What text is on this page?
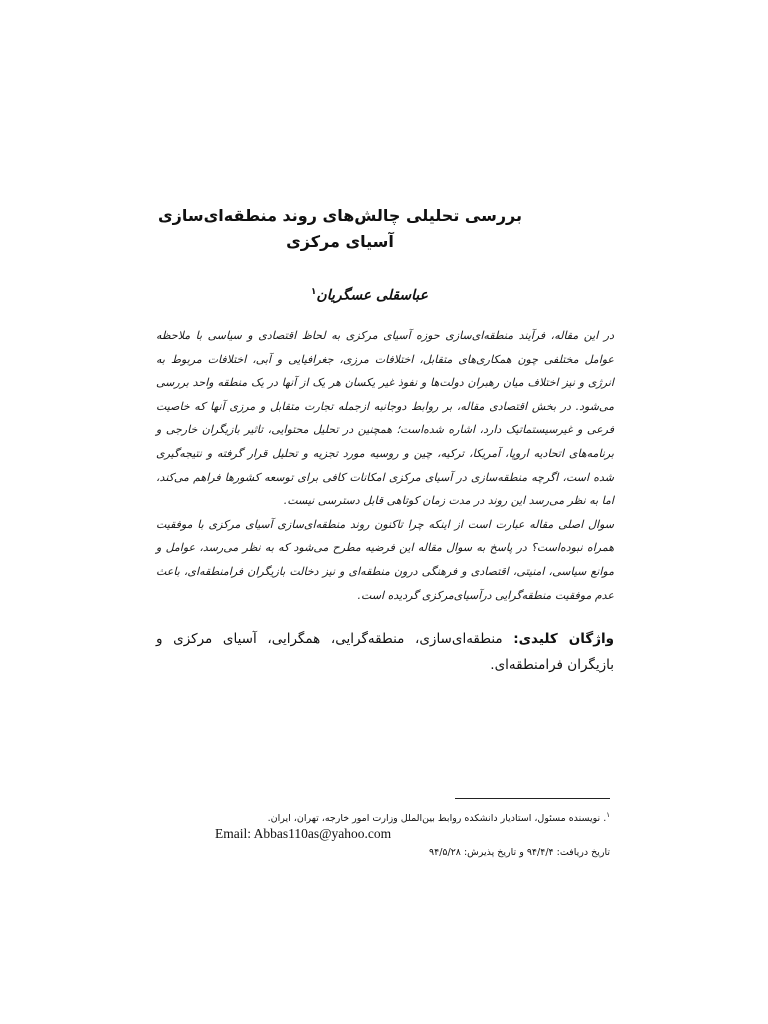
بررسی تحلیلی چالش‌های روند منطقه‌ای‌سازی آسیای مرکزی
عباسقلی عسگریان$^۱$

در این مقاله، فرآیند منطقه‌ای‌سازی حوزه آسیای مرکزی به لحاظ اقتصادی و سیاسی با ملاحظه عوامل مختلفی چون همکاری‌های متقابل، اختلافات مرزی، جغرافیایی و آبی، اختلافات مربوط به انرژی و نیز اختلاف میان رهبران دولت‌ها و نفوذ غیر یکسان هر یک از آنها در یک منطقه واحد بررسی می‌شود. در بخش اقتصادی مقاله، بر روابط دوجانبه ازجمله تجارت متقابل و مرزی آنها که خاصیت فرعی و غیرسیستماتیک دارد، اشاره شده‌است؛ همچنین در تحلیل محتوایی، تاثیر بازیگران خارجی و برنامه‌های اتحادیه اروپا، آمریکا، ترکیه، چین و روسیه مورد تجزیه و تحلیل قرار گرفته و نتیجه‌گیری شده است، اگرچه منطقه‌سازی در آسیای مرکزی امکانات کافی برای توسعه کشورها فراهم می‌کند، اما به نظر می‌رسد این روند در مدت زمان کوتاهی قابل دسترسی نیست.

سوال اصلی مقاله عبارت است از اینکه چرا تاکنون روند منطقه‌ای‌سازی آسیای مرکزی با موفقیت همراه نبوده‌است؟ در پاسخ به سوال مقاله این فرضیه مطرح می‌شود که به نظر می‌رسد، عوامل و موانع سیاسی، امنیتی، اقتصادی و فرهنگی درون منطقه‌ای و نیز دخالت بازیگران فرامنطقه‌ای، باعث عدم موفقیت منطقه‌گرایی درآسیای‌مرکزی گردیده است.

واژگان کلیدی: منطقه‌ای‌سازی، منطقه‌گرایی، همگرایی، آسیای مرکزی و بازیگران فرامنطقه‌ای.
$^۱$. نویسنده مسئول، استادیار دانشکده روابط بین‌الملل وزارت امور خارجه، تهران، ایران.
Email: Abbas110as@yahoo.com
تاریخ دریافت: ۹۴/۴/۴ و تاریخ پذیرش: ۹۴/۵/۲۸
